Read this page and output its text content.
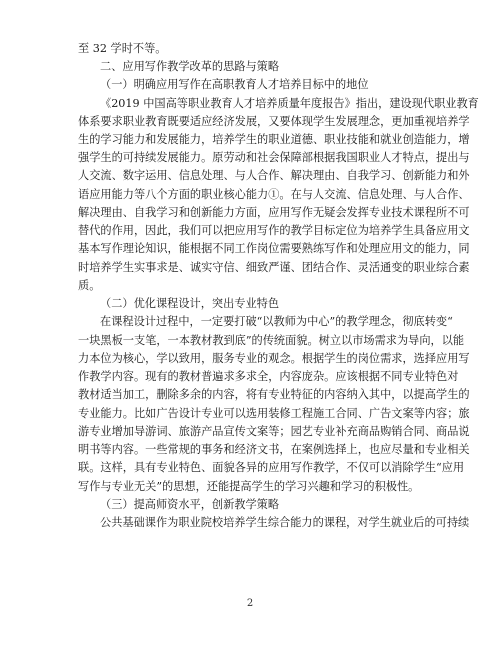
至 32 学时不等。
二、应用写作教学改革的思路与策略
（一）明确应用写作在高职教育人才培养目标中的地位
《2019 中国高等职业教育人才培养质量年度报告》指出，建设现代职业教育
体系要求职业教育既要适应经济发展，又要体现学生发展理念，更加重视培养学
生的学习能力和发展能力，培养学生的职业道德、职业技能和就业创造能力，增
强学生的可持续发展能力。原劳动和社会保障部根据我国职业人才特点，提出与
人交流、数字运用、信息处理、与人合作、解决理由、自我学习、创新能力和外
语应用能力等八个方面的职业核心能力①。在与人交流、信息处理、与人合作、
解决理由、自我学习和创新能力方面，应用写作无疑会发挥专业技术课程所不可
替代的作用，因此，我们可以把应用写作的教学目标定位为培养学生具备应用文
基本写作理论知识，能根据不同工作岗位需要熟练写作和处理应用文的能力，同
时培养学生实事求是、诚实守信、细致严谨、团结合作、灵活通变的职业综合素
质。
（二）优化课程设计，突出专业特色
在课程设计过程中，一定要打破“以教师为中心”的教学理念，彻底转变“
一块黑板一支笔，一本教材教到底”的传统面貌。树立以市场需求为导向，以能
力本位为核心，学以致用，服务专业的观念。根据学生的岗位需求，选择应用写
作教学内容。现有的教材普遍求多求全，内容庞杂。应该根据不同专业特色对
教材适当加工，删除多余的内容，将有专业特征的内容纳入其中，以提高学生的
专业能力。比如广告设计专业可以选用装修工程施工合同、广告文案等内容；旅
游专业增加导游词、旅游产品宣传文案等；园艺专业补充商品购销合同、商品说
明书等内容。一些常规的事务和经济文书，在案例选择上，也应尽量和专业相关
联。这样，具有专业特色、面貌各异的应用写作教学，不仅可以消除学生“应用
写作与专业无关”的思想，还能提高学生的学习兴趣和学习的积极性。
（三）提高师资水平，创新教学策略
公共基础课作为职业院校培养学生综合能力的课程，对学生就业后的可持续
2
